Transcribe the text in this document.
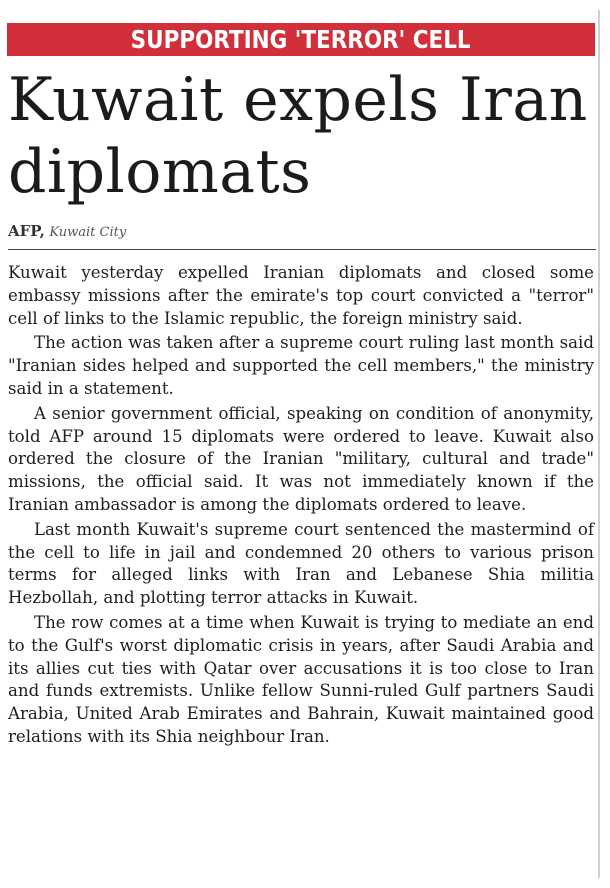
SUPPORTING 'TERROR' CELL
Kuwait expels Iran diplomats
AFP, Kuwait City

Kuwait yesterday expelled Iranian diplomats and closed some embassy missions after the emirate's top court convicted a "terror" cell of links to the Islamic republic, the foreign ministry said.

The action was taken after a supreme court ruling last month said "Iranian sides helped and supported the cell members," the ministry said in a statement.

A senior government official, speaking on condition of anonymity, told AFP around 15 diplomats were ordered to leave. Kuwait also ordered the closure of the Iranian "military, cultural and trade" missions, the official said. It was not immediately known if the Iranian ambassador is among the diplomats ordered to leave.

Last month Kuwait's supreme court sentenced the mastermind of the cell to life in jail and condemned 20 others to various prison terms for alleged links with Iran and Lebanese Shia militia Hezbollah, and plotting terror attacks in Kuwait.

The row comes at a time when Kuwait is trying to mediate an end to the Gulf's worst diplomatic crisis in years, after Saudi Arabia and its allies cut ties with Qatar over accusations it is too close to Iran and funds extremists. Unlike fellow Sunni-ruled Gulf partners Saudi Arabia, United Arab Emirates and Bahrain, Kuwait maintained good relations with its Shia neighbour Iran.
